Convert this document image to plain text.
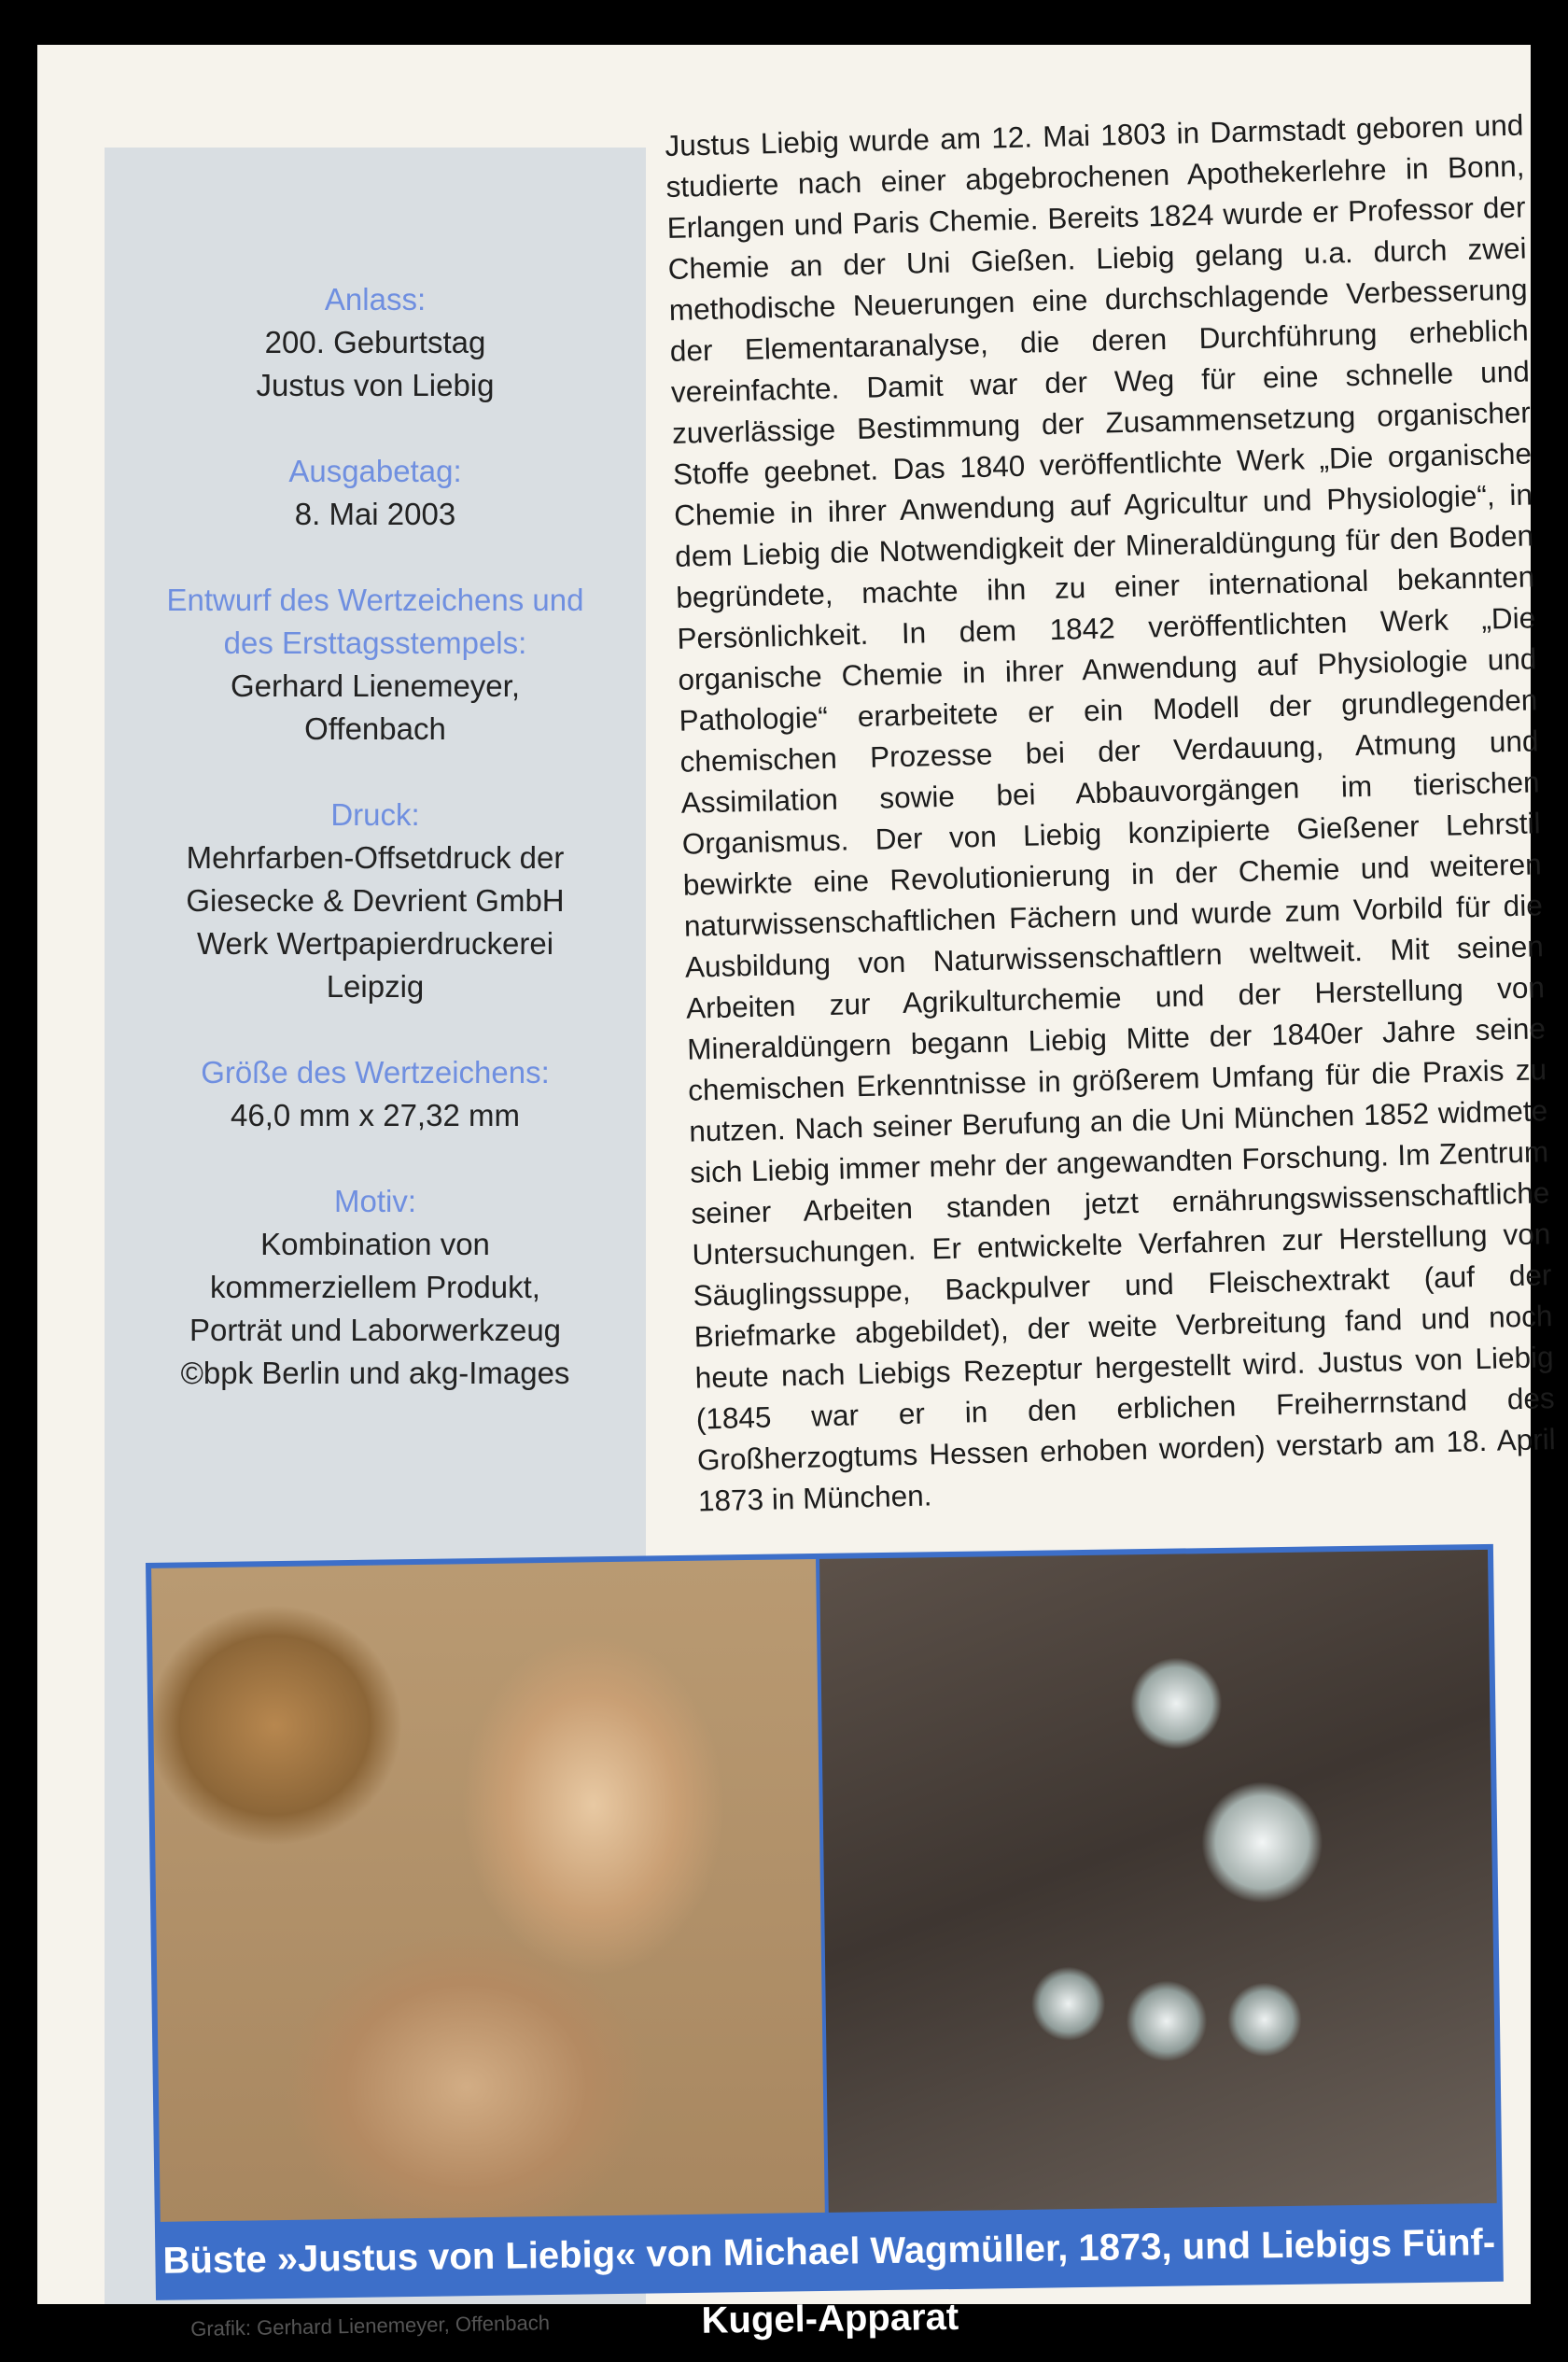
Anlass:
200. Geburtstag
Justus von Liebig
Ausgabetag:
8. Mai 2003
Entwurf des Wertzeichens und des Ersttagsstempels:
Gerhard Lienemeyer,
Offenbach
Druck:
Mehrfarben-Offsetdruck der
Giesecke & Devrient GmbH
Werk Wertpapierdruckerei
Leipzig
Größe des Wertzeichens:
46,0 mm x 27,32 mm
Motiv:
Kombination von
kommerziellem Produkt,
Porträt und Laborwerkzeug
©bpk Berlin und akg-Images
Justus Liebig wurde am 12. Mai 1803 in Darmstadt geboren und studierte nach einer abgebrochenen Apothekerlehre in Bonn, Erlangen und Paris Chemie. Bereits 1824 wurde er Professor der Chemie an der Uni Gießen. Liebig gelang u.a. durch zwei methodische Neuerungen eine durchschlagende Verbesserung der Elementaranalyse, die deren Durchführung erheblich vereinfachte. Damit war der Weg für eine schnelle und zuverlässige Bestimmung der Zusammensetzung organischer Stoffe geebnet. Das 1840 veröffentlichte Werk „Die organische Chemie in ihrer Anwendung auf Agricultur und Physiologie“, in dem Liebig die Notwendigkeit der Mineraldüngung für den Boden begründete, machte ihn zu einer international bekannten Persönlichkeit. In dem 1842 veröffentlichten Werk „Die organische Chemie in ihrer Anwendung auf Physiologie und Pathologie“ erarbeitete er ein Modell der grundlegenden chemischen Prozesse bei der Verdauung, Atmung und Assimilation sowie bei Abbauvorgängen im tierischen Organismus. Der von Liebig konzipierte Gießener Lehrstil bewirkte eine Revolutionierung in der Chemie und weiteren naturwissenschaftlichen Fächern und wurde zum Vorbild für die Ausbildung von Naturwissenschaftlern weltweit. Mit seinen Arbeiten zur Agrikulturchemie und der Herstellung von Mineraldüngern begann Liebig Mitte der 1840er Jahre seine chemischen Erkenntnisse in größerem Umfang für die Praxis zu nutzen. Nach seiner Berufung an die Uni München 1852 widmete sich Liebig immer mehr der angewandten Forschung. Im Zentrum seiner Arbeiten standen jetzt ernährungswissenschaftliche Untersuchungen. Er entwickelte Verfahren zur Herstellung von Säuglingssuppe, Backpulver und Fleischextrakt (auf der Briefmarke abgebildet), der weite Verbreitung fand und noch heute nach Liebigs Rezeptur hergestellt wird. Justus von Liebig (1845 war er in den erblichen Freiherrnstand des Großherzogtums Hessen erhoben worden) verstarb am 18. April 1873 in München.
Büste »Justus von Liebig« von Michael Wagmüller, 1873, und Liebigs Fünf-Kugel-Apparat
Grafik: Gerhard Lienemeyer, Offenbach
